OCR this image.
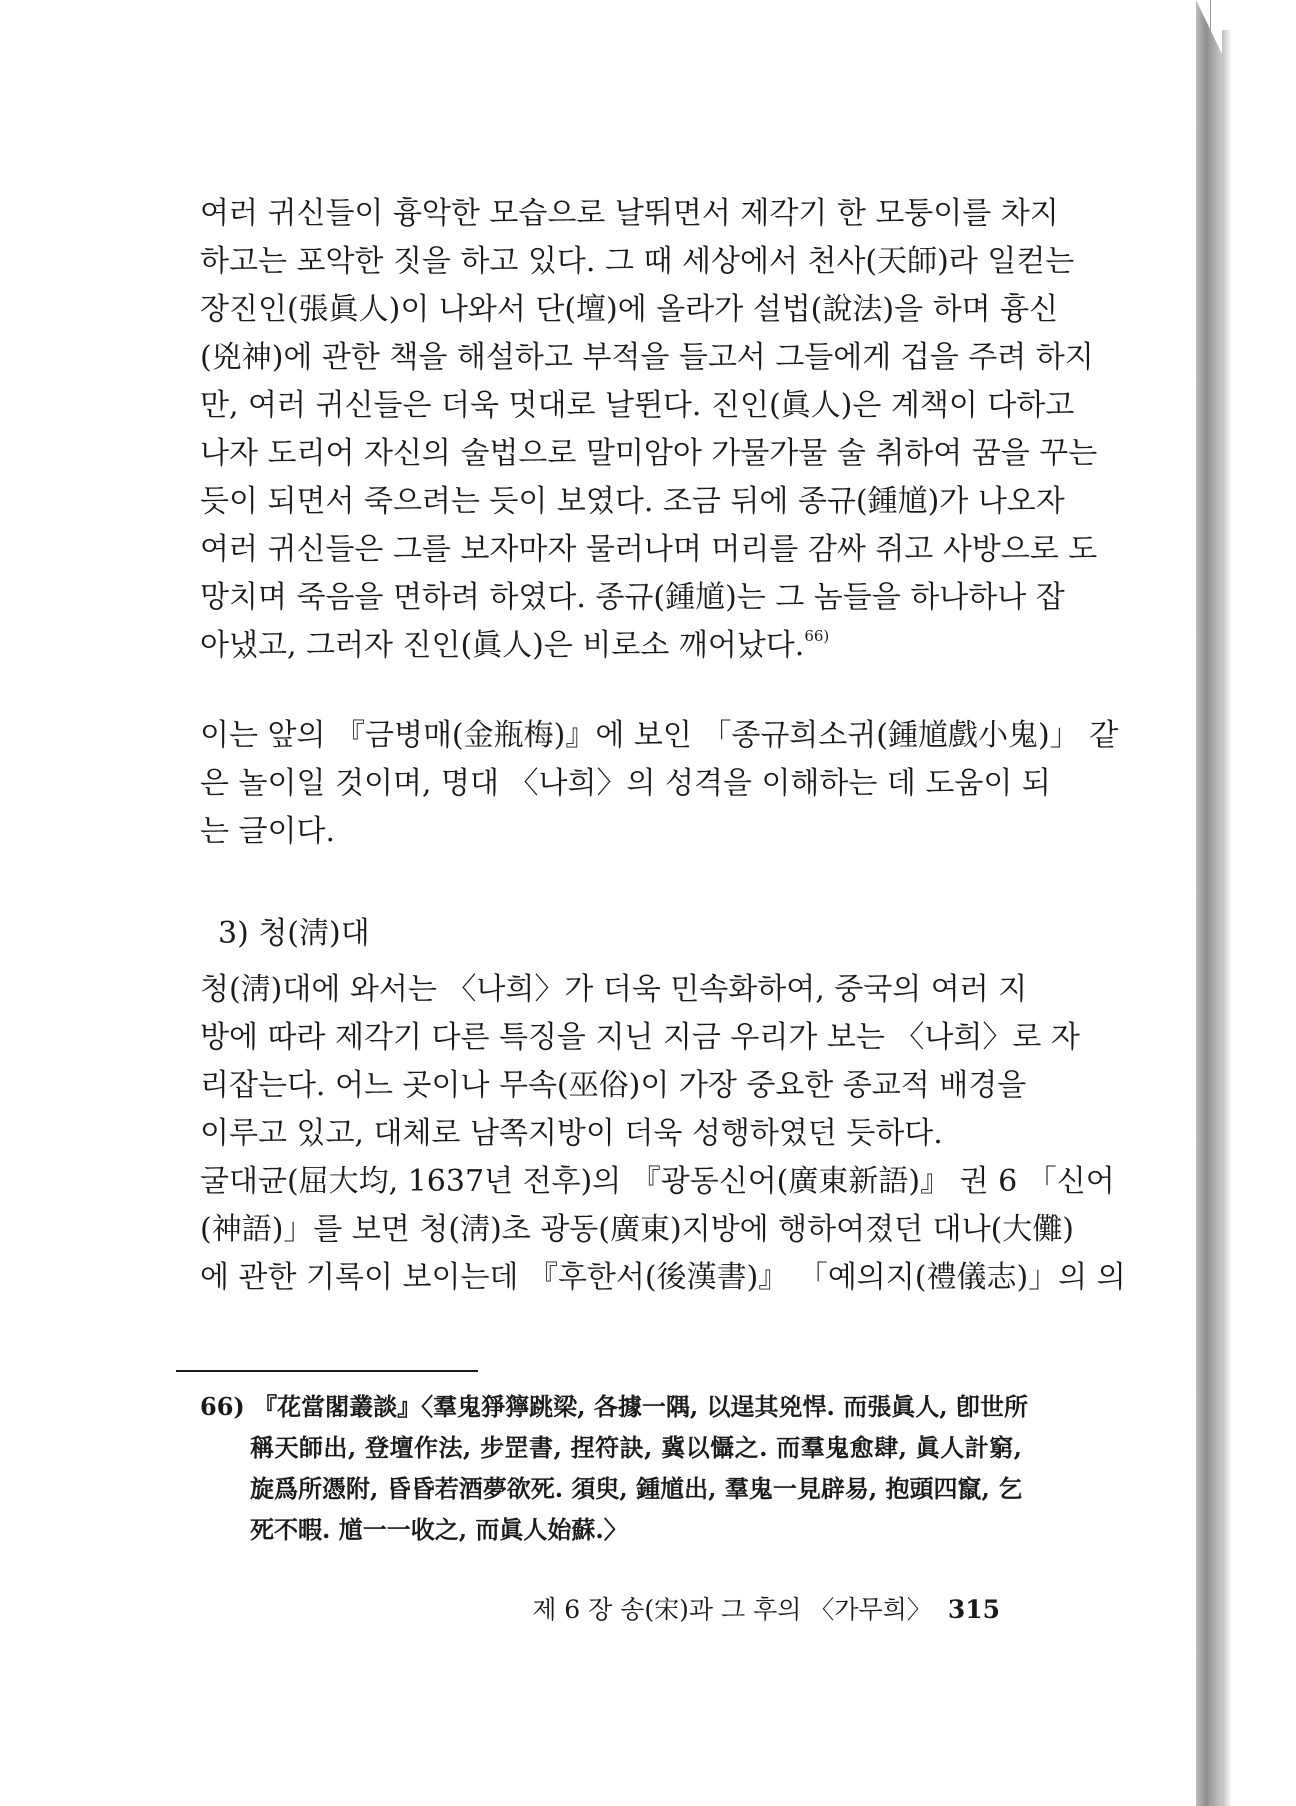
여러 귀신들이 흉악한 모습으로 날뛰면서 제각기 한 모퉁이를 차지
하고는 포악한 짓을 하고 있다. 그 때 세상에서 천사(天師)라 일컫는
장진인(張眞人)이 나와서 단(壇)에 올라가 설법(說法)을 하며 흉신
(兇神)에 관한 책을 해설하고 부적을 들고서 그들에게 겁을 주려 하지
만, 여러 귀신들은 더욱 멋대로 날뛴다. 진인(眞人)은 계책이 다하고
나자 도리어 자신의 술법으로 말미암아 가물가물 술 취하여 꿈을 꾸는
듯이 되면서 죽으려는 듯이 보였다. 조금 뒤에 종규(鍾馗)가 나오자
여러 귀신들은 그를 보자마자 물러나며 머리를 감싸 쥐고 사방으로 도
망치며 죽음을 면하려 하였다. 종규(鍾馗)는 그 놈들을 하나하나 잡
아냈고, 그러자 진인(眞人)은 비로소 깨어났다.$^{66)}$
이는 앞의 『금병매(金瓶梅)』에 보인 「종규희소귀(鍾馗戲小鬼)」 같
은 놀이일 것이며, 명대 〈나희〉의 성격을 이해하는 데 도움이 되
는 글이다.
3) 청(淸)대
청(淸)대에 와서는 〈나희〉가 더욱 민속화하여, 중국의 여러 지
방에 따라 제각기 다른 특징을 지닌 지금 우리가 보는 〈나희〉로 자
리잡는다. 어느 곳이나 무속(巫俗)이 가장 중요한 종교적 배경을
이루고 있고, 대체로 남쪽지방이 더욱 성행하였던 듯하다.
굴대균(屈大均, 1637년 전후)의 『광동신어(廣東新語)』 권 6 「신어
(神語)」를 보면 청(淸)초 광동(廣東)지방에 행하여졌던 대나(大儺)
에 관한 기록이 보이는데 『후한서(後漢書)』 「예의지(禮儀志)」의 의
66) 『花當閣叢談』〈羣鬼猙獰跳梁, 各據一隅, 以逞其兇悍. 而張眞人, 卽世所
稱天師出, 登壇作法, 步罡書, 捏符訣, 冀以懾之. 而羣鬼愈肆, 眞人計窮,
旋爲所憑附, 昏昏若酒夢欲死. 須臾, 鍾馗出, 羣鬼一見辟易, 抱頭四竄, 乞
死不暇. 馗一一收之, 而眞人始蘇.〉
제 6 장 송(宋)과 그 후의 〈가무희〉 315
